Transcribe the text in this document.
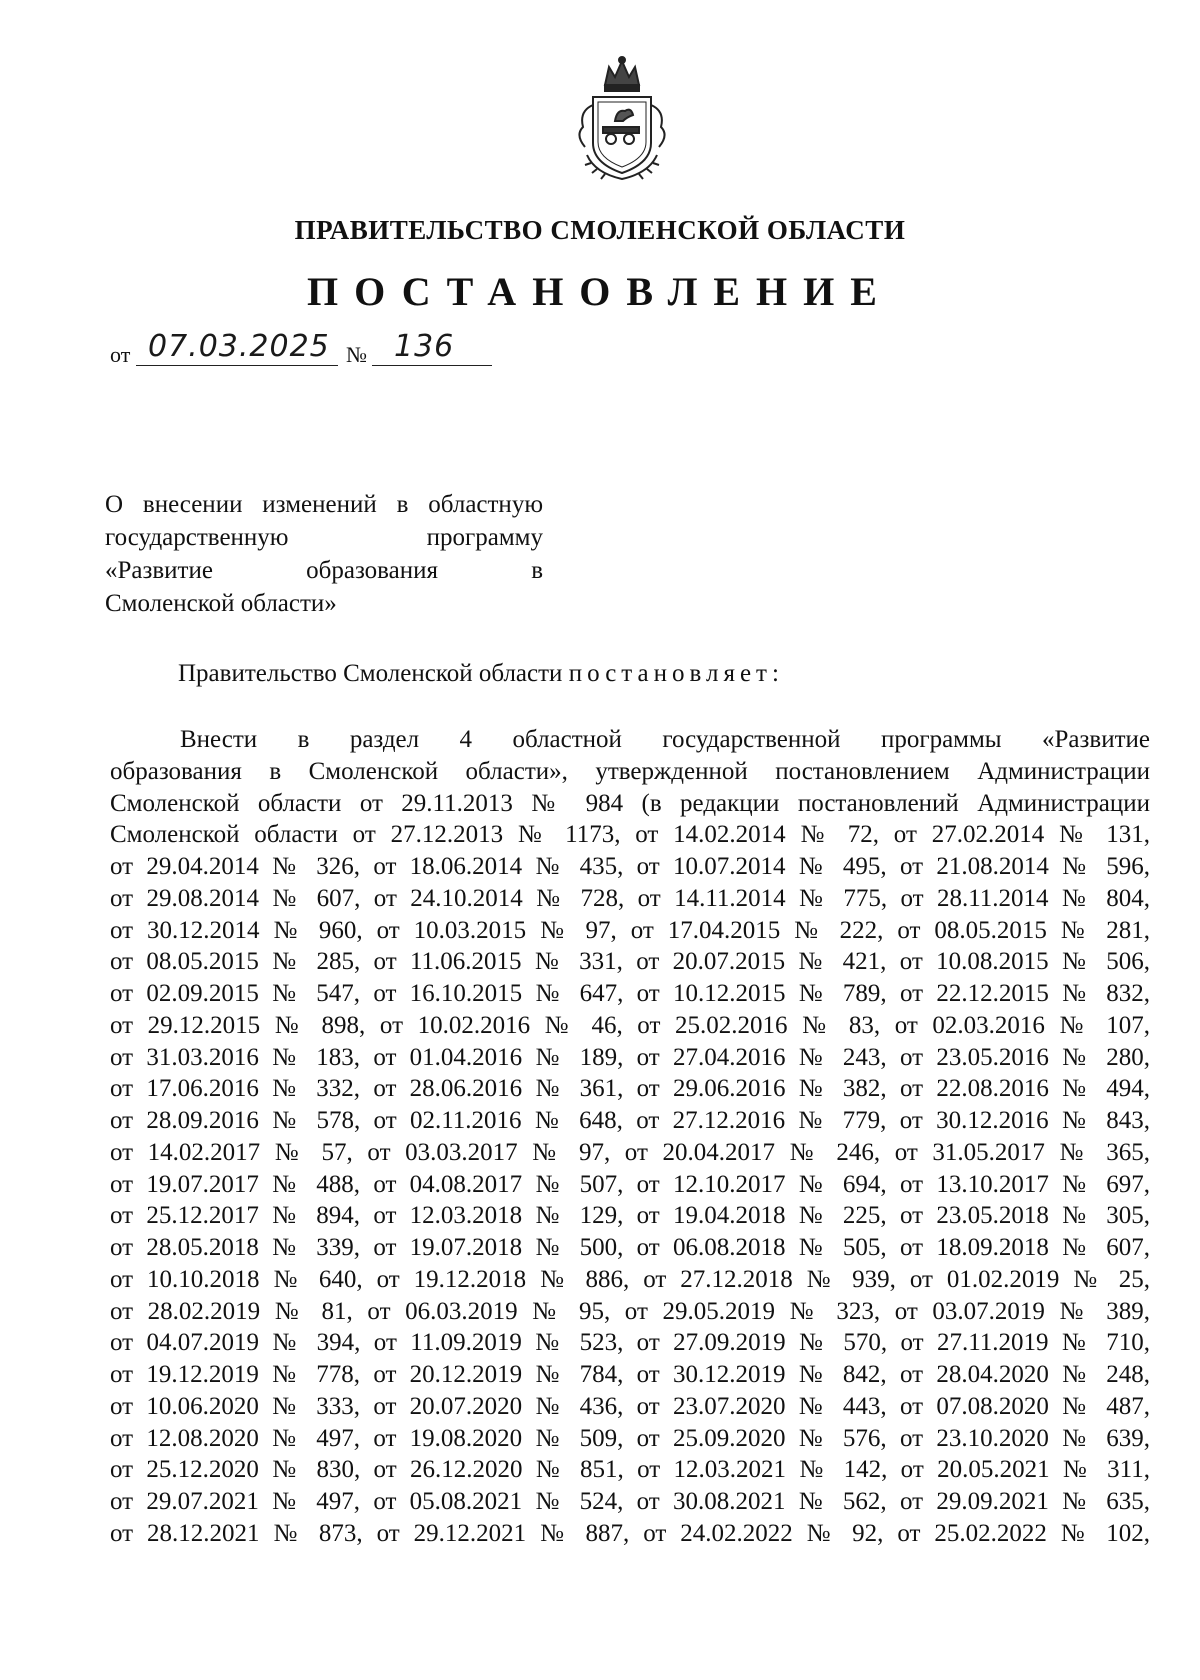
ПРАВИТЕЛЬСТВО СМОЛЕНСКОЙ ОБЛАСТИ
ПОСТАНОВЛЕНИЕ
от 07.03.2025 № 136
О внесении изменений в областную
государственную программу
«Развитие образования в
Смоленской области»
Правительство Смоленской области постановляет:
Внести в раздел 4 областной государственной программы «Развитие
образования в Смоленской области», утвержденной постановлением Администрации
Смоленской области от 29.11.2013 № 984 (в редакции постановлений Администрации
Смоленской области от 27.12.2013 № 1173, от 14.02.2014 № 72, от 27.02.2014 № 131,
от 29.04.2014 № 326, от 18.06.2014 № 435, от 10.07.2014 № 495, от 21.08.2014 № 596,
от 29.08.2014 № 607, от 24.10.2014 № 728, от 14.11.2014 № 775, от 28.11.2014 № 804,
от 30.12.2014 № 960, от 10.03.2015 № 97, от 17.04.2015 № 222, от 08.05.2015 № 281,
от 08.05.2015 № 285, от 11.06.2015 № 331, от 20.07.2015 № 421, от 10.08.2015 № 506,
от 02.09.2015 № 547, от 16.10.2015 № 647, от 10.12.2015 № 789, от 22.12.2015 № 832,
от 29.12.2015 № 898, от 10.02.2016 № 46, от 25.02.2016 № 83, от 02.03.2016 № 107,
от 31.03.2016 № 183, от 01.04.2016 № 189, от 27.04.2016 № 243, от 23.05.2016 № 280,
от 17.06.2016 № 332, от 28.06.2016 № 361, от 29.06.2016 № 382, от 22.08.2016 № 494,
от 28.09.2016 № 578, от 02.11.2016 № 648, от 27.12.2016 № 779, от 30.12.2016 № 843,
от 14.02.2017 № 57, от 03.03.2017 № 97, от 20.04.2017 № 246, от 31.05.2017 № 365,
от 19.07.2017 № 488, от 04.08.2017 № 507, от 12.10.2017 № 694, от 13.10.2017 № 697,
от 25.12.2017 № 894, от 12.03.2018 № 129, от 19.04.2018 № 225, от 23.05.2018 № 305,
от 28.05.2018 № 339, от 19.07.2018 № 500, от 06.08.2018 № 505, от 18.09.2018 № 607,
от 10.10.2018 № 640, от 19.12.2018 № 886, от 27.12.2018 № 939, от 01.02.2019 № 25,
от 28.02.2019 № 81, от 06.03.2019 № 95, от 29.05.2019 № 323, от 03.07.2019 № 389,
от 04.07.2019 № 394, от 11.09.2019 № 523, от 27.09.2019 № 570, от 27.11.2019 № 710,
от 19.12.2019 № 778, от 20.12.2019 № 784, от 30.12.2019 № 842, от 28.04.2020 № 248,
от 10.06.2020 № 333, от 20.07.2020 № 436, от 23.07.2020 № 443, от 07.08.2020 № 487,
от 12.08.2020 № 497, от 19.08.2020 № 509, от 25.09.2020 № 576, от 23.10.2020 № 639,
от 25.12.2020 № 830, от 26.12.2020 № 851, от 12.03.2021 № 142, от 20.05.2021 № 311,
от 29.07.2021 № 497, от 05.08.2021 № 524, от 30.08.2021 № 562, от 29.09.2021 № 635,
от 28.12.2021 № 873, от 29.12.2021 № 887, от 24.02.2022 № 92, от 25.02.2022 № 102,
